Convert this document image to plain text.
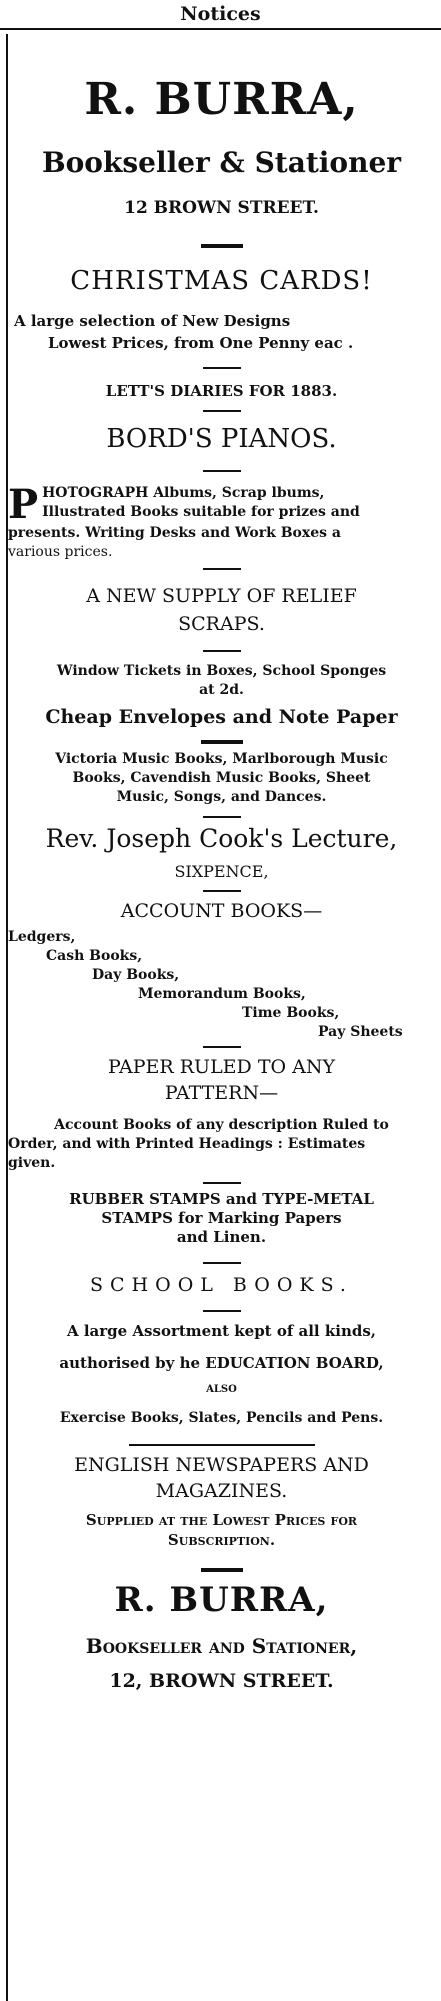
Notices
R. BURRA,
Bookseller & Stationer
12 BROWN STREET.
CHRISTMAS CARDS!
A large selection of New Designs
Lowest Prices, from One Penny eac .
LETT'S DIARIES FOR 1883.
BORD'S PIANOS.
P HOTOGRAPH Albums, Scrap lbums,
Illustrated Books suitable for prizes and
presents. Writing Desks and Work Boxes a
various prices.
A NEW SUPPLY OF RELIEF
SCRAPS.
Window Tickets in Boxes, School Sponges
at 2d.
Cheap Envelopes and Note Paper
Victoria Music Books, Marlborough Music
Books, Cavendish Music Books, Sheet
Music, Songs, and Dances.
Rev. Joseph Cook's Lecture,
SIXPENCE,
ACCOUNT BOOKS—
Ledgers,
Cash Books,
Day Books,
Memorandum Books,
Time Books,
Pay Sheets
PAPER RULED TO ANY
PATTERN—
Account Books of any description Ruled to
Order, and with Printed Headings : Estimates
given.
RUBBER STAMPS and TYPE-METAL
STAMPS for Marking Papers
and Linen.
SCHOOL BOOKS.
A large Assortment kept of all kinds,
authorised by he EDUCATION BOARD,
ALSO
Exercise Books, Slates, Pencils and Pens.
ENGLISH NEWSPAPERS AND
MAGAZINES.
Supplied at the Lowest Prices for
Subscription.
R. BURRA,
Bookseller and Stationer,
12, BROWN STREET.
